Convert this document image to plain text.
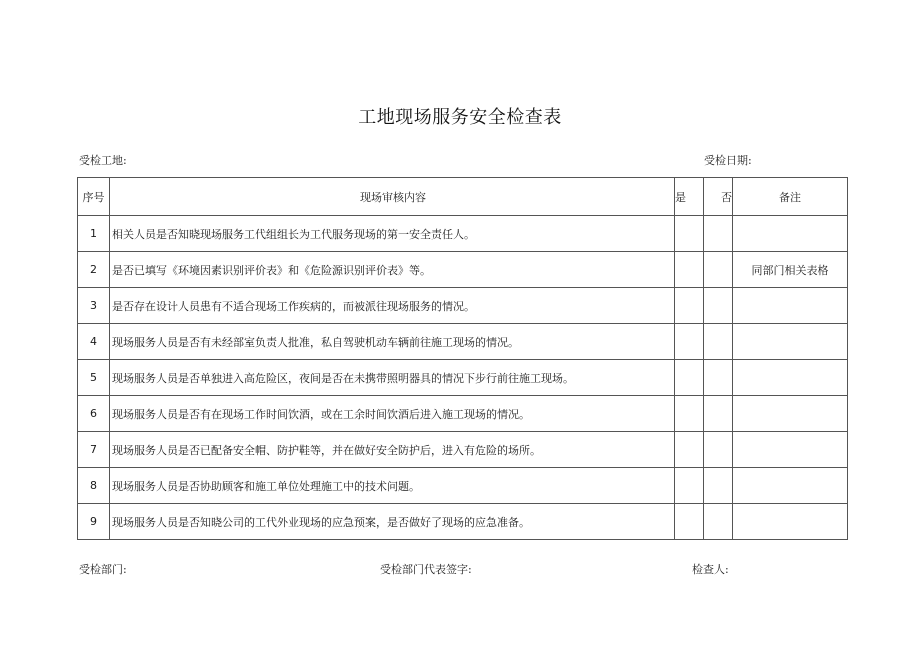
工地现场服务安全检查表
受检工地:	受检日期:
序号	现场审核内容	是	否	备注
1	相关人员是否知晓现场服务工代组组长为工代服务现场的第一安全责任人。			
2	是否已填写《环境因素识别评价表》和《危险源识别评价表》等。			同部门相关表格
3	是否存在设计人员患有不适合现场工作疾病的，而被派往现场服务的情况。			
4	现场服务人员是否有未经部室负责人批准，私自驾驶机动车辆前往施工现场的情况。			
5	现场服务人员是否单独进入高危险区，夜间是否在未携带照明器具的情况下步行前往施工现场。			
6	现场服务人员是否有在现场工作时间饮酒，或在工余时间饮酒后进入施工现场的情况。			
7	现场服务人员是否已配备安全帽、防护鞋等，并在做好安全防护后，进入有危险的场所。			
8	现场服务人员是否协助顾客和施工单位处理施工中的技术问题。			
9	现场服务人员是否知晓公司的工代外业现场的应急预案，是否做好了现场的应急准备。			
受检部门:	受检部门代表签字:	检查人:
